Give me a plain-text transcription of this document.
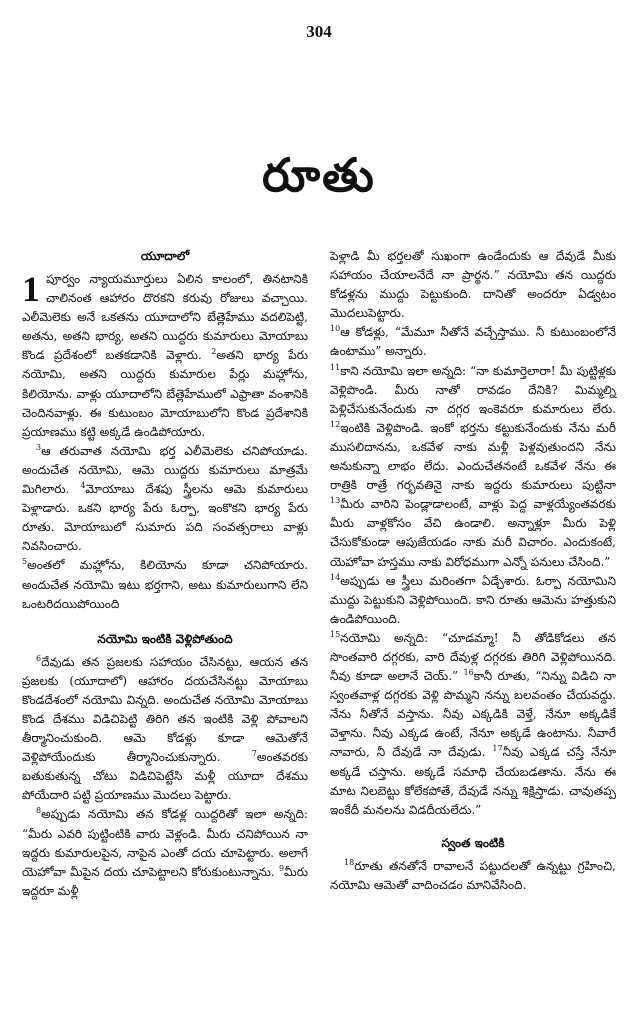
304
రూతు
యూదాలో

1 పూర్వం న్యాయమూర్తులు ఏలిన కాలంలో, తినటానికి చాలినంత ఆహారం దొరకని కరువు రోజులు వచ్చాయి. ఎలీమెలెకు అనే ఒకతను యూదాలోని బేత్లెహేము వదలిపెట్టి, అతను, అతని భార్య, అతని యిద్దరు కుమారులు మోయాబు కొండ ప్రదేశంలో బతకడానికి వెళ్లారు. $^2$అతని భార్య పేరు నయోమి, అతని యిద్దరు కుమారుల పేర్లు మహ్లోను, కిలియోను. వాళ్లు యూదాలోని బేత్లెహేములో ఎఫ్రాతా వంశానికి చెందినవాళ్లు. ఈ కుటుంబం మోయాబులోని కొండ ప్రదేశానికి ప్రయాణము కట్టి అక్కడే ఉండిపోయారు.

$^3$ఆ తరువాత నయోమి భర్త ఎలీమెలెకు చనిపోయాడు. అందుచేత నయోమి, ఆమె యిద్దరు కుమారులు మాత్రమే మిగిలారు. $^4$మోయాబు దేశపు స్త్రీలను ఆమె కుమారులు పెళ్లాడారు. ఒకని భార్య పేరు ఓర్పా, ఇంకొకని భార్య పేరు రూతు. మోయాబులో సుమారు పది సంవత్సరాలు వాళ్లు నివసించారు.

$^5$అంతలో మహ్లోను, కిలియోను కూడా చనిపోయారు. అందుచేత నయోమి ఇటు భర్తగాని, అటు కుమారులుగాని లేని ఒంటరిదయిపోయింది

నయోమి ఇంటికి వెళ్లిపోతుంది

$^6$దేవుడు తన ప్రజలకు సహాయం చేసినట్టు, ఆయన తన ప్రజలకు (యూదాలో) ఆహారం దయచేసినట్టు మోయాబు కొండదేశంలో నయోమి విన్నది. అందుచేత నయోమి మోయాబు కొండ దేశము విడిచిపెట్టి తిరిగి తన ఇంటికి వెళ్లి పోవాలని తీర్మానించుకుంది. ఆమె కోడళ్లు కూడా ఆమెతోనే వెళ్లిపోయేందుకు తీర్మానించుకున్నారు.	$^7$అంతవరకు బతుకుతున్న చోటు విడిచిపెట్టేసి మళ్లీ యూదా దేశము పోయేదారి పట్టి ప్రయాణము మొదలు పెట్టారు.

$^8$అప్పుడు నయోమి తన కోడళ్ల యిద్దరితో ఇలా అన్నది: “మీరు ఎవరి పుట్టింటికి వారు వెళ్లండి. మీరు చనిపోయిన నా ఇద్దరు కుమారులపైన, నాపైన ఎంతో దయ చూపెట్టారు. అలాగే యెహోవా మీపైన దయ చూపెట్టాలని కోరుకుంటున్నాను. $^9$మీరు ఇద్దరూ మళ్లీ

పెళ్లాడి మీ భర్తలతో సుఖంగా ఉండేందుకు ఆ దేవుడే మీకు సహాయం చేయాలనేదే నా ప్రార్థన.” నయోమి తన యిద్దరు కోడళ్లను ముద్దు పెట్టుకుంది. దానితో అందరూ ఏడ్వటం మొదలుపెట్టారు.

$^{10}$ఆ కోడళ్లు, “మేమూ నీతోనే వచ్చేస్తాము. నీ కుటుంబంలోనే ఉంటాము” అన్నారు.

$^{11}$కాని నయోమి ఇలా అన్నది: “నా కుమార్తెలారా! మీ పుట్టిళ్లకు వెళ్లిపొండి. మీరు నాతో రావడం దేనికి? మిమ్మల్ని పెళ్లిచేసుకునేందుకు నా దగ్గర ఇంకెవరూ కుమారులు లేరు. $^{12}$ఇంటికి వెళ్లిపొండి. ఇంకో భర్తను కట్టుకునేందుకు నేను మరీ ముసలిదానను, ఒకవేళ నాకు మళ్లీ పెళ్లవుతుందని నేను అనుకున్నా లాభం లేదు. ఎందుచేతనంటే ఒకవేళ నేను ఈ రాత్రికి రాత్రే గర్భవతినై నాకు ఇద్దరు కుమారులు పుట్టినా $^{13}$మీరు వారిని పెండ్లాడాలంటే, వాళ్లు పెద్ద వాళ్లయ్యేంతవరకు మీరు వాళ్లకోసం వేచి ఉండాలి. అన్నాళ్లూ మీరు పెళ్లి చేసుకోకుండా ఆపుజేయడం నాకు మరీ విచారం. ఎందుకంటే, యెహోవా హస్తము నాకు విరోధముగా ఎన్నో పనులు చేసింది.”

$^{14}$అప్పుడు ఆ స్త్రీలు మరింతగా ఏడ్చేశారు. ఓర్పా నయోమిని ముద్దు పెట్టుకుని వెళ్లిపోయింది. కాని రూతు ఆమెను హత్తుకుని ఉండిపోయింది.

$^{15}$నయోమి అన్నది: “చూడమ్మా! నీ తోడికోడలు తన సొంతవారి దగ్గరకు, వారి దేవుళ్ల దగ్గరకు తిరిగి వెళ్లిపోయినది. నీవు కూడా అలానే చెయ్.” $^{16}$కానీ రూతు, “నిన్ను విడిచి నా స్వంతవాళ్ల దగ్గరకు వెళ్లి పొమ్మని నన్ను బలవంతం చేయవద్దు. నేను నీతోనే వస్తాను. నీవు ఎక్కడికి వెళ్తే, నేనూ అక్కడికే వెళ్తాను. నీవు ఎక్కడ ఉంటే, నేనూ అక్కడే ఉంటాను. నీవారే నావారు, నీ దేవుడే నా దేవుడు. $^{17}$నీవు ఎక్కడ చస్తే నేనూ అక్కడే చస్తాను. అక్కడే సమాధి చేయబడతాను. నేను ఈ మాట నిలబెట్టు కోలేకపోతే, దేవుడే నన్ను శిక్షిస్తాడు. చావుతప్ప ఇంకేదీ మనలను విడదీయలేదు.”

స్వంత ఇంటికి

$^{18}$రూతు తనతోనే రావాలనే పట్టుదలతో ఉన్నట్టు గ్రహించి, నయోమి ఆమెతో వాదించడం మానివేసింది.
